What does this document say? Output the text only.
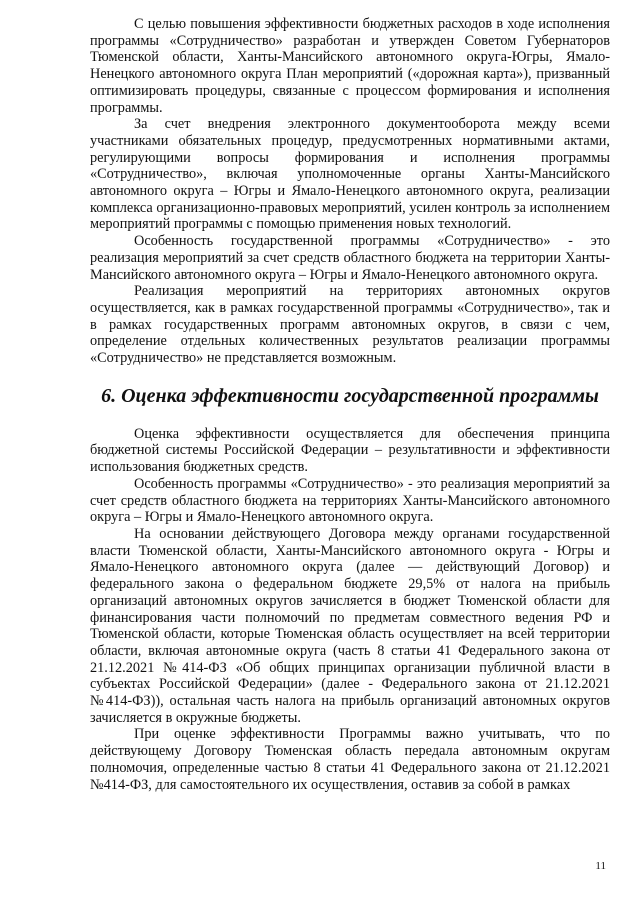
С целью повышения эффективности бюджетных расходов в ходе исполнения программы «Сотрудничество» разработан и утвержден Советом Губернаторов Тюменской области, Ханты-Мансийского автономного округа-Югры, Ямало-Ненецкого автономного округа План мероприятий («дорожная карта»), призванный оптимизировать процедуры, связанные с процессом формирования и исполнения программы.

За счет внедрения электронного документооборота между всеми участниками обязательных процедур, предусмотренных нормативными актами, регулирующими вопросы формирования и исполнения программы «Сотрудничество», включая уполномоченные органы Ханты-Мансийского автономного округа – Югры и Ямало-Ненецкого автономного округа, реализации комплекса организационно-правовых мероприятий, усилен контроль за исполнением мероприятий программы с помощью применения новых технологий.

Особенность государственной программы «Сотрудничество» - это реализация мероприятий за счет средств областного бюджета на территории Ханты-Мансийского автономного округа – Югры и Ямало-Ненецкого автономного округа.

Реализация мероприятий на территориях автономных округов осуществляется, как в рамках государственной программы «Сотрудничество», так и в рамках государственных программ автономных округов, в связи с чем, определение отдельных количественных результатов реализации программы «Сотрудничество» не представляется возможным.

6. Оценка эффективности государственной программы

Оценка эффективности осуществляется для обеспечения принципа бюджетной системы Российской Федерации – результативности и эффективности использования бюджетных средств.

Особенность программы «Сотрудничество» - это реализация мероприятий за счет средств областного бюджета на территориях Ханты-Мансийского автономного округа – Югры и Ямало-Ненецкого автономного округа.

На основании действующего Договора между органами государственной власти Тюменской области, Ханты-Мансийского автономного округа - Югры и Ямало-Ненецкого автономного округа (далее — действующий Договор) и федерального закона о федеральном бюджете 29,5% от налога на прибыль организаций автономных округов зачисляется в бюджет Тюменской области для финансирования части полномочий по предметам совместного ведения РФ и Тюменской области, которые Тюменская область осуществляет на всей территории области, включая автономные округа (часть 8 статьи 41 Федерального закона от 21.12.2021 №414-ФЗ «Об общих принципах организации публичной власти в субъектах Российской Федерации» (далее - Федерального закона от 21.12.2021 №414-ФЗ)), остальная часть налога на прибыль организаций автономных округов зачисляется в окружные бюджеты.

При оценке эффективности Программы важно учитывать, что по действующему Договору Тюменская область передала автономным округам полномочия, определенные частью 8 статьи 41 Федерального закона от 21.12.2021 №414-ФЗ, для самостоятельного их осуществления, оставив за собой в рамках

11
